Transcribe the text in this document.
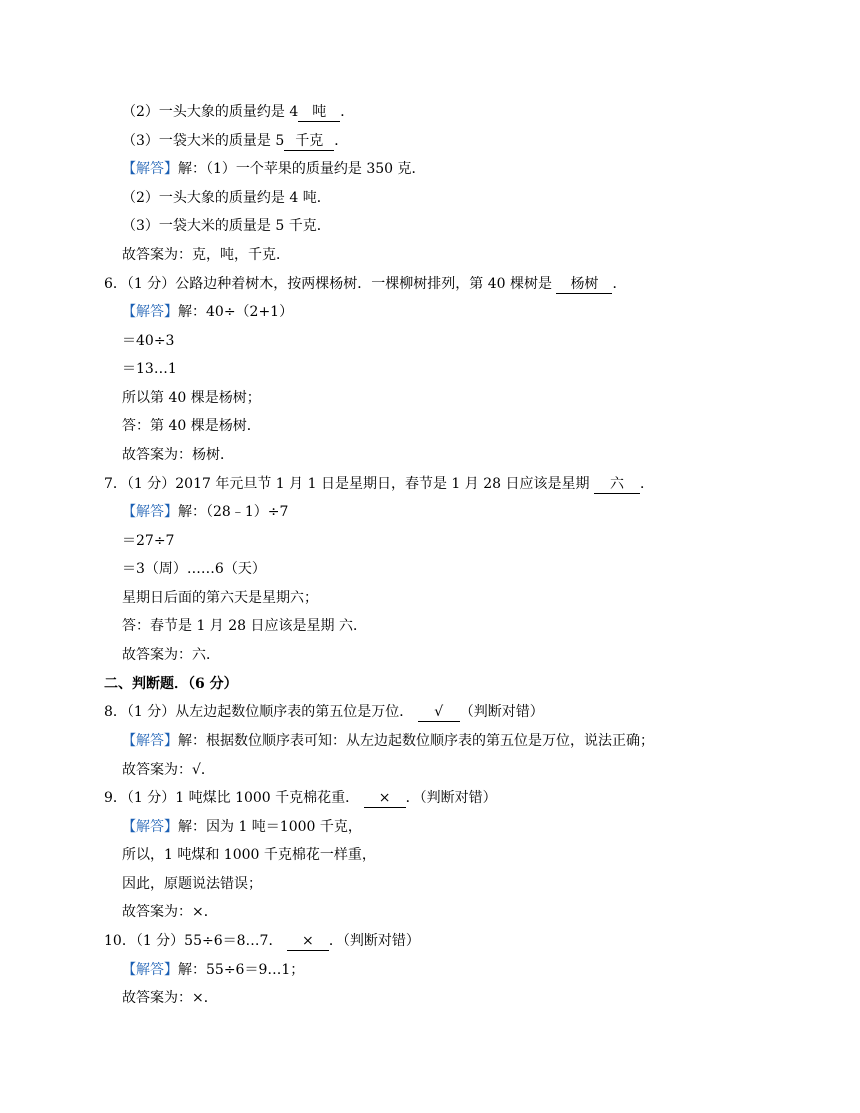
（2）一头大象的质量约是 4 吨 ．
（3）一袋大米的质量是 5 千克 ．
【解答】解：（1）一个苹果的质量约是 350 克．
（2）一头大象的质量约是 4 吨．
（3）一袋大米的质量是 5 千克．
故答案为：克，吨，千克．
6．（1 分）公路边种着树木，按两棵杨树．一棵柳树排列，第 40 棵树是 杨树 ．
【解答】解：40÷（2+1）
＝40÷3
＝13…1
所以第 40 棵是杨树；
答：第 40 棵是杨树．
故答案为：杨树．
7．（1 分）2017 年元旦节 1 月 1 日是星期日，春节是 1 月 28 日应该是星期 六 ．
【解答】解：（28﹣1）÷7
＝27÷7
＝3（周）……6（天）
星期日后面的第六天是星期六；
答：春节是 1 月 28 日应该是星期 六．
故答案为：六．
二、判断题．（6 分）
8．（1 分）从左边起数位顺序表的第五位是万位． √ （判断对错）
【解答】解：根据数位顺序表可知：从左边起数位顺序表的第五位是万位，说法正确；
故答案为：√．
9．（1 分）1 吨煤比 1000 千克棉花重． × ．（判断对错）
【解答】解：因为 1 吨＝1000 千克，
所以，1 吨煤和 1000 千克棉花一样重，
因此，原题说法错误；
故答案为：×．
10．（1 分）55÷6＝8…7． × ．（判断对错）
【解答】解：55÷6＝9…1；
故答案为：×．
